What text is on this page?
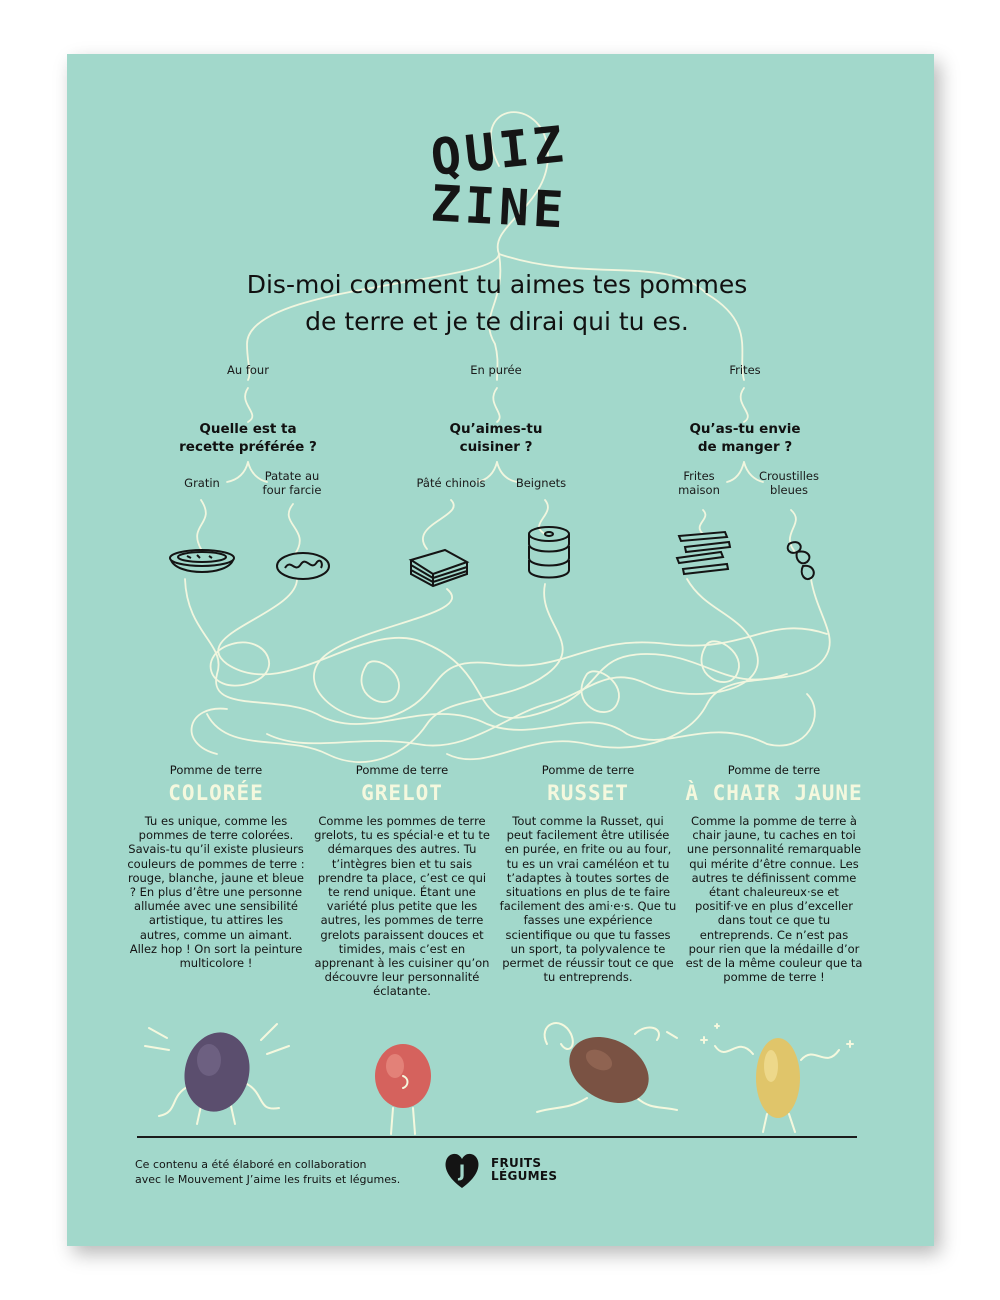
QUIZ
ZINE
Dis-moi comment tu aimes tes pommes
de terre et je te dirai qui tu es.
Au four
Quelle est ta
recette préférée ?
Gratin	Patate au
four farcie
En purée
Qu’aimes-tu
cuisiner ?
Pâté chinois	Beignets
Frites
Qu’as-tu envie
de manger ?
Frites
maison
Croustilles
bleues
Pomme de terre
COLORÉE
Tu es unique, comme les pommes de terre colorées. Savais-tu qu’il existe plusieurs couleurs de pommes de terre : rouge, blanche, jaune et bleue ? En plus d’être une personne allumée avec une sensibilité artistique, tu attires les autres, comme un aimant. Allez hop ! On sort la peinture multicolore !
Pomme de terre
GRELOT
Comme les pommes de terre grelots, tu es spécial·e et tu te démarques des autres. Tu t’intègres bien et tu sais prendre ta place, c’est ce qui te rend unique. Étant une variété plus petite que les autres, les pommes de terre grelots paraissent douces et timides, mais c’est en apprenant à les cuisiner qu’on découvre leur personnalité éclatante.
Pomme de terre
RUSSET
Tout comme la Russet, qui peut facilement être utilisée en purée, en frite ou au four, tu es un vrai caméléon et tu t’adaptes à toutes sortes de situations en plus de te faire facilement des ami·e·s. Que tu fasses une expérience scientifique ou que tu fasses un sport, ta polyvalence te permet de réussir tout ce que tu entreprends.
Pomme de terre
À CHAIR JAUNE
Comme la pomme de terre à chair jaune, tu caches en toi une personnalité remarquable qui mérite d’être connue. Les autres te définissent comme étant chaleureux·se et positif·ve en plus d’exceller dans tout ce que tu entreprends. Ce n’est pas pour rien que la médaille d’or est de la même couleur que ta pomme de terre !
Ce contenu a été élaboré en collaboration
avec le Mouvement J’aime les fruits et légumes.	J FRUITS
LÉGUMES
